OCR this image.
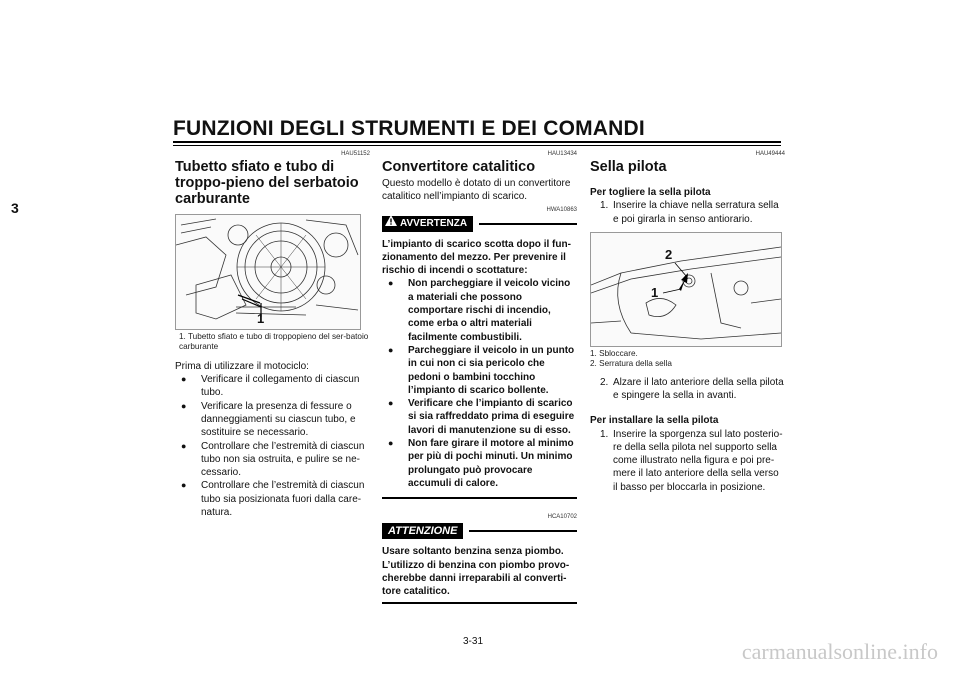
FUNZIONI DEGLI STRUMENTI E DEI COMANDI
3
HAU51152
Tubetto sfiato e tubo di troppo-pieno del serbatoio carburante
1
1. Tubetto sfiato e tubo di troppopieno del ser-batoio carburante
Prima di utilizzare il motociclo:
● Verificare il collegamento di ciascun tubo.
● Verificare la presenza di fessure o danneggiamenti su ciascun tubo, e sostituire se necessario.
● Controllare che l’estremità di ciascun tubo non sia ostruita, e pulire se ne-cessario.
● Controllare che l’estremità di ciascun tubo sia posizionata fuori dalla care-natura.
HAU13434
Convertitore catalitico
Questo modello è dotato di un convertitore catalitico nell’impianto di scarico.
HWA10863
AVVERTENZA
L’impianto di scarico scotta dopo il fun-zionamento del mezzo. Per prevenire il rischio di incendi o scottature:
● Non parcheggiare il veicolo vicino a materiali che possono comportare rischi di incendio, come erba o altri materiali facilmente combustibili.
● Parcheggiare il veicolo in un punto in cui non ci sia pericolo che pedoni o bambini tocchino l’impianto di scarico bollente.
● Verificare che l’impianto di scarico si sia raffreddato prima di eseguire lavori di manutenzione su di esso.
● Non fare girare il motore al minimo per più di pochi minuti. Un minimo prolungato può provocare accumuli di calore.
HCA10702
ATTENZIONE
Usare soltanto benzina senza piombo. L’utilizzo di benzina con piombo provo-cherebbe danni irreparabili al converti-tore catalitico.
HAU49444
Sella pilota
Per togliere la sella pilota
1. Inserire la chiave nella serratura sella e poi girarla in senso antiorario.
2
1
1. Sbloccare.
2. Serratura della sella
2. Alzare il lato anteriore della sella pilota e spingere la sella in avanti.
Per installare la sella pilota
1. Inserire la sporgenza sul lato posterio-re della sella pilota nel supporto sella come illustrato nella figura e poi pre-mere il lato anteriore della sella verso il basso per bloccarla in posizione.
3-31	carmanualsonline.info
